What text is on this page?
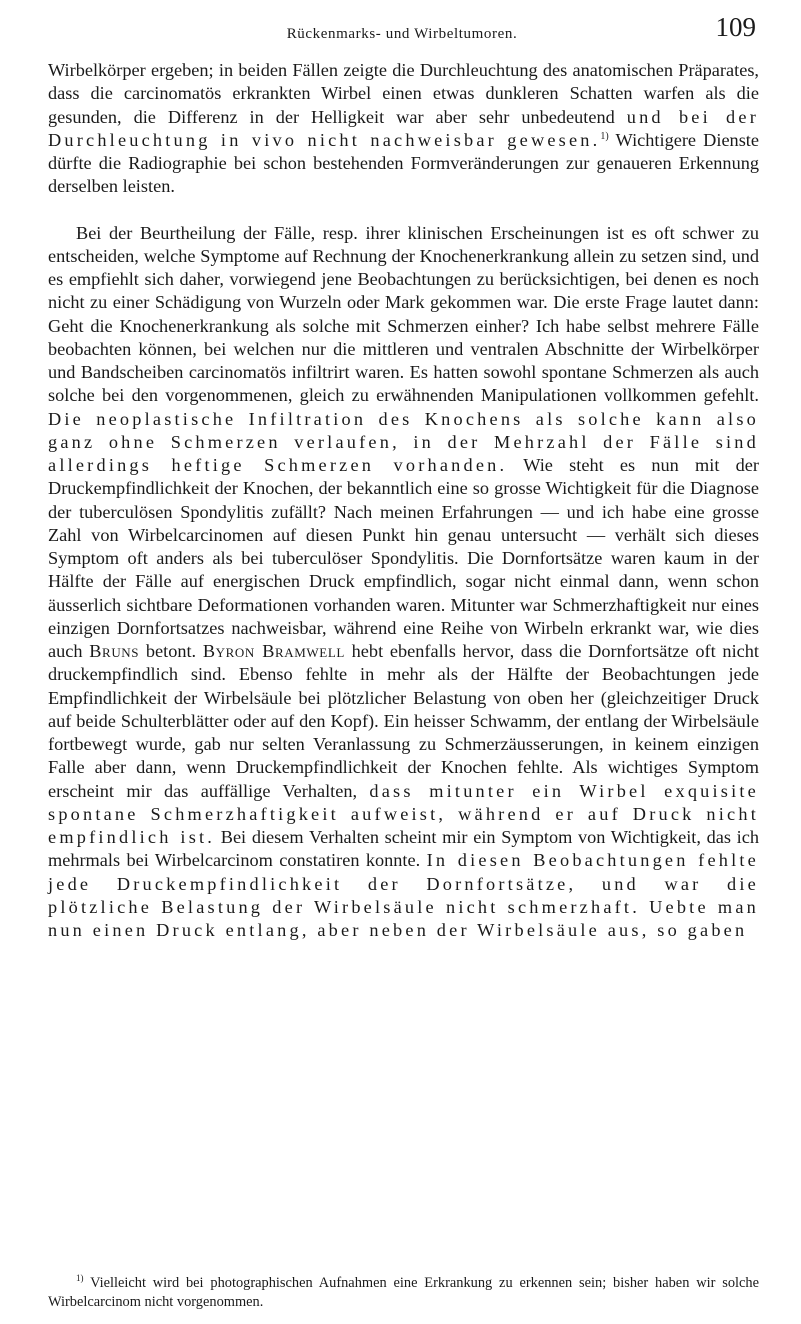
Rückenmarks- und Wirbeltumoren.	109

Wirbelkörper ergeben; in beiden Fällen zeigte die Durchleuchtung des anatomischen Präparates, dass die carcinomatös erkrankten Wirbel einen etwas dunkleren Schatten warfen als die gesunden, die Differenz in der Helligkeit war aber sehr unbedeutend und bei der Durchleuchtung in vivo nicht nachweisbar gewesen.$^{1)}$ Wichtigere Dienste dürfte die Radiographie bei schon bestehenden Formveränderungen zur genaueren Erkennung derselben leisten.

Bei der Beurtheilung der Fälle, resp. ihrer klinischen Erscheinungen ist es oft schwer zu entscheiden, welche Symptome auf Rechnung der Knochenerkrankung allein zu setzen sind, und es empfiehlt sich daher, vorwiegend jene Beobachtungen zu berücksichtigen, bei denen es noch nicht zu einer Schädigung von Wurzeln oder Mark gekommen war. Die erste Frage lautet dann: Geht die Knochenerkrankung als solche mit Schmerzen einher? Ich habe selbst mehrere Fälle beobachten können, bei welchen nur die mittleren und ventralen Abschnitte der Wirbelkörper und Bandscheiben carcinomatös infiltrirt waren. Es hatten sowohl spontane Schmerzen als auch solche bei den vorgenommenen, gleich zu erwähnenden Manipulationen vollkommen gefehlt. Die neoplastische Infiltration des Knochens als solche kann also ganz ohne Schmerzen verlaufen, in der Mehrzahl der Fälle sind allerdings heftige Schmerzen vorhanden. Wie steht es nun mit der Druckempfindlichkeit der Knochen, der bekanntlich eine so grosse Wichtigkeit für die Diagnose der tuberculösen Spondylitis zufällt? Nach meinen Erfahrungen — und ich habe eine grosse Zahl von Wirbelcarcinomen auf diesen Punkt hin genau untersucht — verhält sich dieses Symptom oft anders als bei tuberculöser Spondylitis. Die Dornfortsätze waren kaum in der Hälfte der Fälle auf energischen Druck empfindlich, sogar nicht einmal dann, wenn schon äusserlich sichtbare Deformationen vorhanden waren. Mitunter war Schmerzhaftigkeit nur eines einzigen Dornfortsatzes nachweisbar, während eine Reihe von Wirbeln erkrankt war, wie dies auch Bruns betont. Byron Bramwell hebt ebenfalls hervor, dass die Dornfortsätze oft nicht druckempfindlich sind. Ebenso fehlte in mehr als der Hälfte der Beobachtungen jede Empfindlichkeit der Wirbelsäule bei plötzlicher Belastung von oben her (gleichzeitiger Druck auf beide Schulterblätter oder auf den Kopf). Ein heisser Schwamm, der entlang der Wirbelsäule fortbewegt wurde, gab nur selten Veranlassung zu Schmerzäusserungen, in keinem einzigen Falle aber dann, wenn Druckempfindlichkeit der Knochen fehlte. Als wichtiges Symptom erscheint mir das auffällige Verhalten, dass mitunter ein Wirbel exquisite spontane Schmerzhaftigkeit aufweist, während er auf Druck nicht empfindlich ist. Bei diesem Verhalten scheint mir ein Symptom von Wichtigkeit, das ich mehrmals bei Wirbelcarcinom constatiren konnte. In diesen Beobachtungen fehlte jede Druckempfindlichkeit der Dornfortsätze, und war die plötzliche Belastung der Wirbelsäule nicht schmerzhaft. Uebte man nun einen Druck entlang, aber neben der Wirbelsäule aus, so gaben

$^{1)}$ Vielleicht wird bei photographischen Aufnahmen eine Erkrankung zu erkennen sein; bisher haben wir solche Wirbelcarcinom nicht vorgenommen.
